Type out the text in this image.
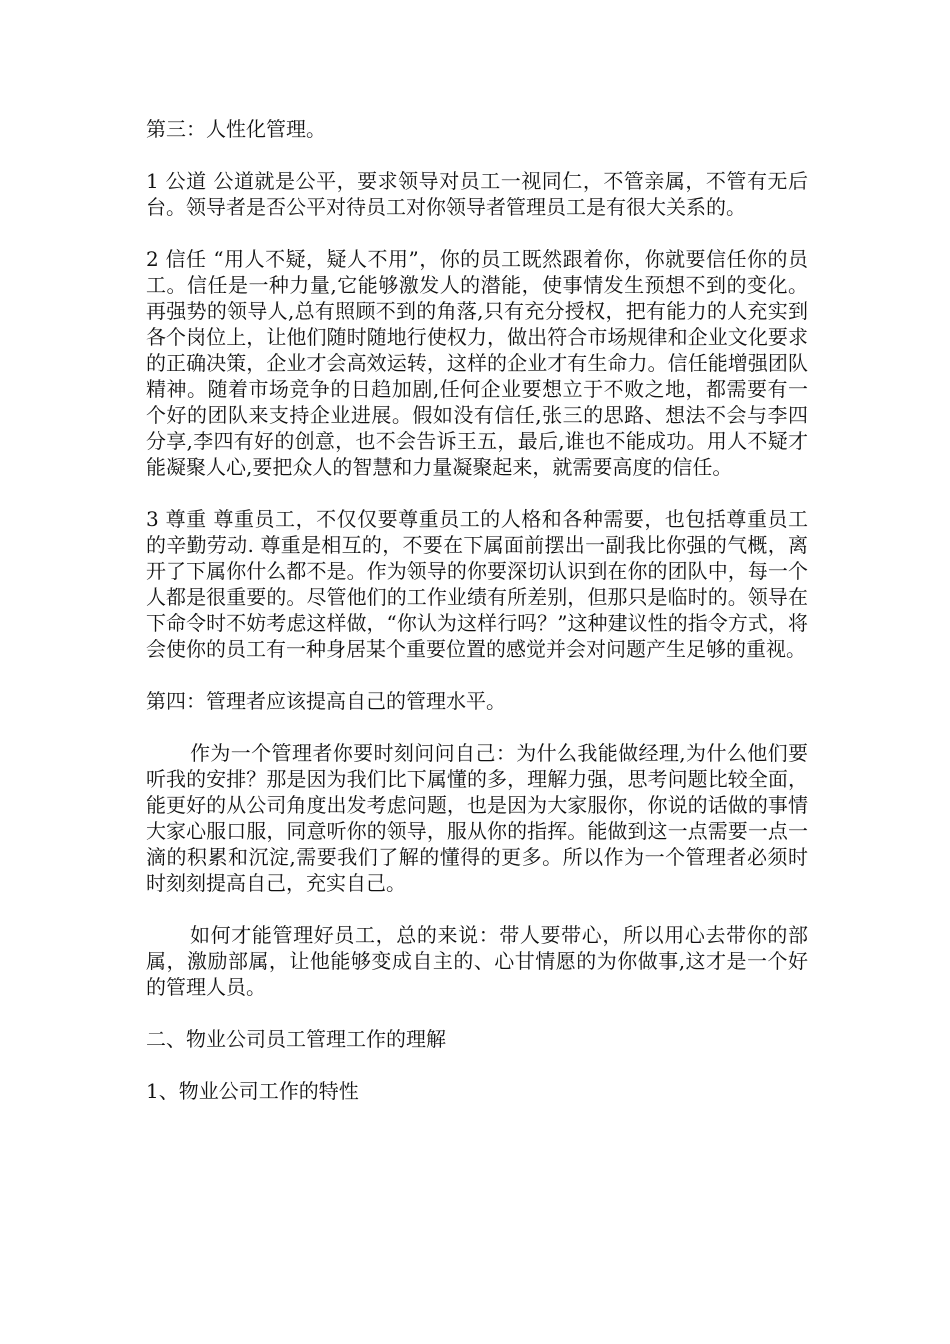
第三：人性化管理。

1 公道 公道就是公平，要求领导对员工一视同仁，不管亲属，不管有无后台。领导者是否公平对待员工对你领导者管理员工是有很大关系的。

2 信任 “用人不疑，疑人不用”，你的员工既然跟着你，你就要信任你的员工。信任是一种力量,它能够激发人的潜能，使事情发生预想不到的变化。再强势的领导人,总有照顾不到的角落,只有充分授权，把有能力的人充实到各个岗位上，让他们随时随地行使权力，做出符合市场规律和企业文化要求的正确决策，企业才会高效运转，这样的企业才有生命力。信任能增强团队精神。随着市场竞争的日趋加剧,任何企业要想立于不败之地，都需要有一个好的团队来支持企业进展。假如没有信任,张三的思路、想法不会与李四分享,李四有好的创意，也不会告诉王五，最后,谁也不能成功。用人不疑才能凝聚人心,要把众人的智慧和力量凝聚起来，就需要高度的信任。

3 尊重 尊重员工，不仅仅要尊重员工的人格和各种需要，也包括尊重员工的辛勤劳动. 尊重是相互的，不要在下属面前摆出一副我比你强的气概，离开了下属你什么都不是。作为领导的你要深切认识到在你的团队中，每一个人都是很重要的。尽管他们的工作业绩有所差别，但那只是临时的。领导在下命令时不妨考虑这样做，“你认为这样行吗？”这种建议性的指令方式，将会使你的员工有一种身居某个重要位置的感觉并会对问题产生足够的重视。

第四：管理者应该提高自己的管理水平。

作为一个管理者你要时刻问问自己：为什么我能做经理,为什么他们要听我的安排？那是因为我们比下属懂的多，理解力强，思考问题比较全面，能更好的从公司角度出发考虑问题，也是因为大家服你，你说的话做的事情大家心服口服，同意听你的领导，服从你的指挥。能做到这一点需要一点一滴的积累和沉淀,需要我们了解的懂得的更多。所以作为一个管理者必须时时刻刻提高自己，充实自己。

如何才能管理好员工，总的来说：带人要带心，所以用心去带你的部属，激励部属，让他能够变成自主的、心甘情愿的为你做事,这才是一个好的管理人员。

二、物业公司员工管理工作的理解

1、物业公司工作的特性
